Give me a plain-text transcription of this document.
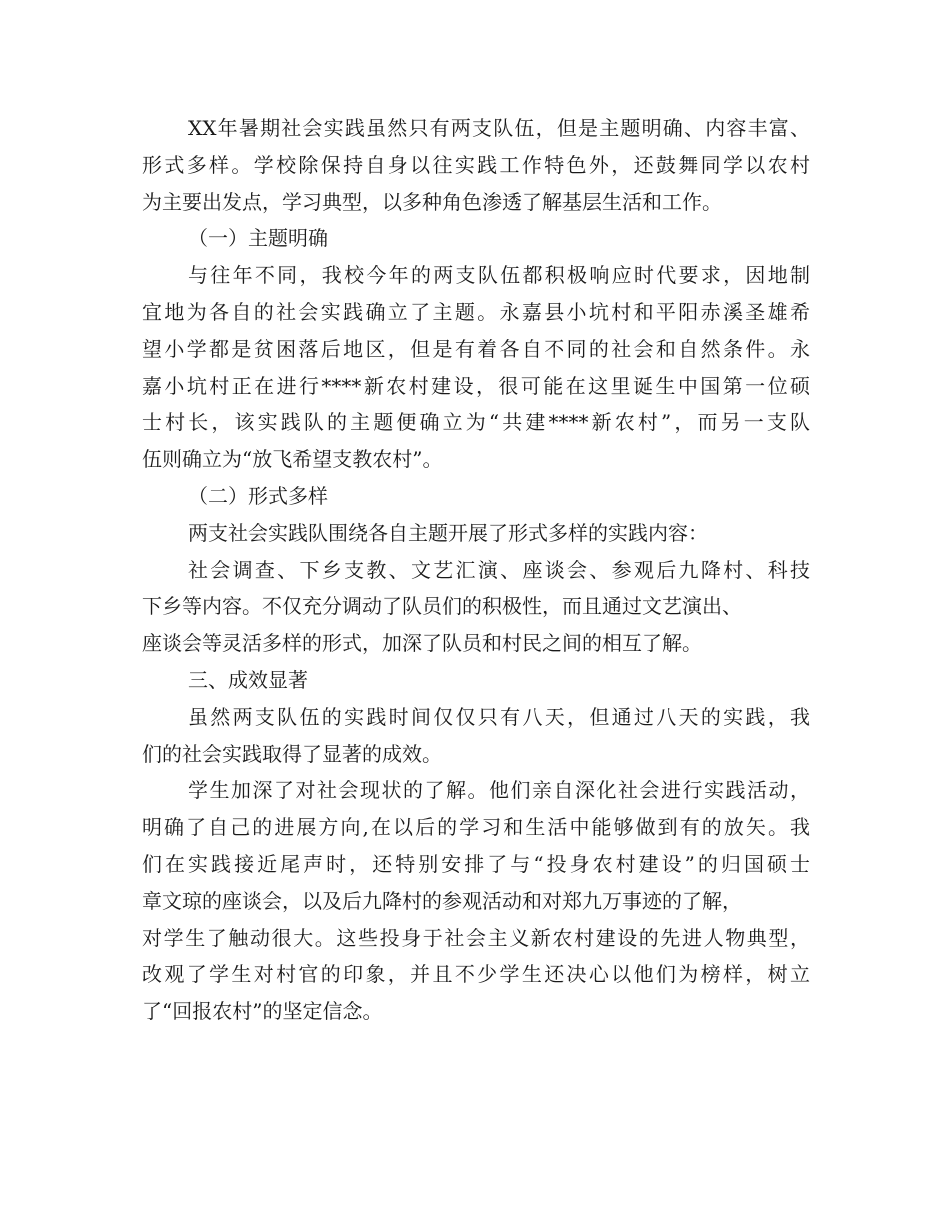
XX年暑期社会实践虽然只有两支队伍，但是主题明确、内容丰富、
形式多样。学校除保持自身以往实践工作特色外，还鼓舞同学以农村
为主要出发点，学习典型，以多种角色渗透了解基层生活和工作。
（一）主题明确
与往年不同，我校今年的两支队伍都积极响应时代要求，因地制
宜地为各自的社会实践确立了主题。永嘉县小坑村和平阳赤溪圣雄希
望小学都是贫困落后地区，但是有着各自不同的社会和自然条件。永
嘉小坑村正在进行****新农村建设，很可能在这里诞生中国第一位硕
士村长，该实践队的主题便确立为“共建****新农村”，而另一支队
伍则确立为“放飞希望支教农村”。
（二）形式多样
两支社会实践队围绕各自主题开展了形式多样的实践内容：
社会调查、下乡支教、文艺汇演、座谈会、参观后九降村、科技
下乡等内容。不仅充分调动了队员们的积极性，而且通过文艺演出、
座谈会等灵活多样的形式，加深了队员和村民之间的相互了解。
三、成效显著
虽然两支队伍的实践时间仅仅只有八天，但通过八天的实践，我
们的社会实践取得了显著的成效。
学生加深了对社会现状的了解。他们亲自深化社会进行实践活动，
明确了自己的进展方向,在以后的学习和生活中能够做到有的放矢。我
们在实践接近尾声时，还特别安排了与“投身农村建设”的归国硕士
章文琼的座谈会，以及后九降村的参观活动和对郑九万事迹的了解，
对学生了触动很大。这些投身于社会主义新农村建设的先进人物典型，
改观了学生对村官的印象，并且不少学生还决心以他们为榜样，树立
了“回报农村”的坚定信念。
